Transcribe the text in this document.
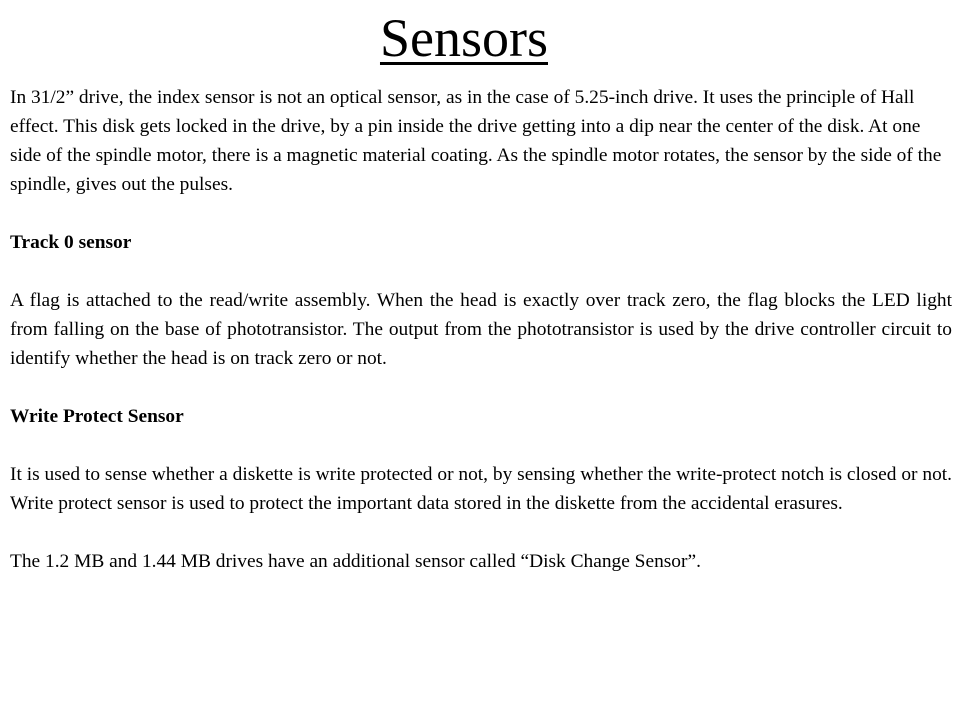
Sensors

In 31/2” drive, the index sensor is not an optical sensor, as in the case of 5.25-inch drive. It uses the principle of Hall effect. This disk gets locked in the drive, by a pin inside the drive getting into a dip near the center of the disk. At one side of the spindle motor, there is a magnetic material coating. As the spindle motor rotates, the sensor by the side of the spindle, gives out the pulses.

Track 0 sensor

A flag is attached to the read/write assembly. When the head is exactly over track zero, the flag blocks the LED light from falling on the base of phototransistor. The output from the phototransistor is used by the drive controller circuit to identify whether the head is on track zero or not.

Write Protect Sensor

It is used to sense whether a diskette is write protected or not, by sensing whether the write-protect notch is closed or not. Write protect sensor is used to protect the important data stored in the diskette from the accidental erasures.

The 1.2 MB and 1.44 MB drives have an additional sensor called “Disk Change Sensor”.
